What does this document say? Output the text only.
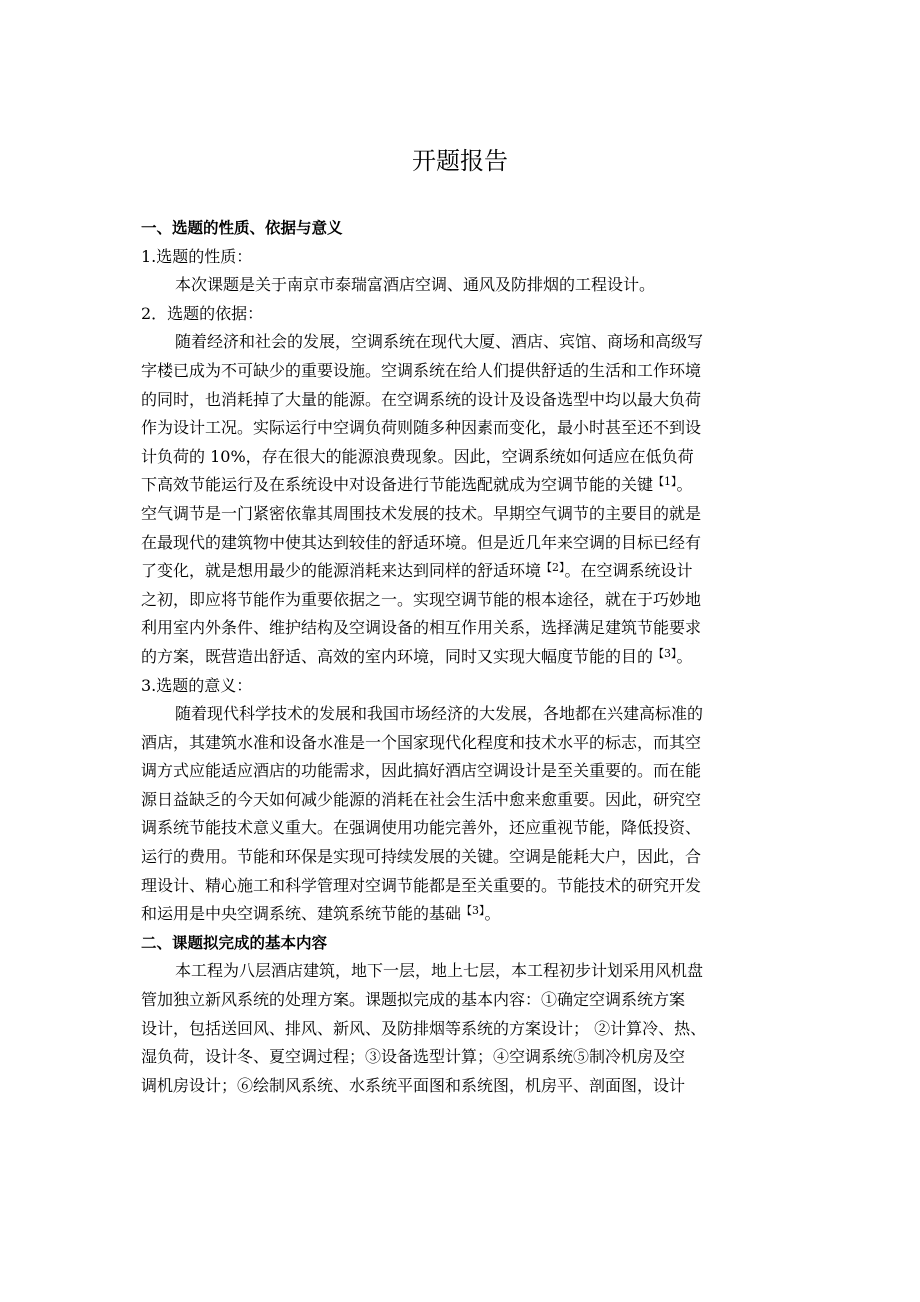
开题报告

一、选题的性质、依据与意义

1.选题的性质：

本次课题是关于南京市泰瑞富酒店空调、通风及防排烟的工程设计。

2．选题的依据：

随着经济和社会的发展，空调系统在现代大厦、酒店、宾馆、商场和高级写
字楼已成为不可缺少的重要设施。空调系统在给人们提供舒适的生活和工作环境
的同时，也消耗掉了大量的能源。在空调系统的设计及设备选型中均以最大负荷
作为设计工况。实际运行中空调负荷则随多种因素而变化，最小时甚至还不到设
计负荷的 10%，存在很大的能源浪费现象。因此，空调系统如何适应在低负荷
下高效节能运行及在系统设中对设备进行节能选配就成为空调节能的关键$^{【1】}$。
空气调节是一门紧密依靠其周围技术发展的技术。早期空气调节的主要目的就是
在最现代的建筑物中使其达到较佳的舒适环境。但是近几年来空调的目标已经有
了变化，就是想用最少的能源消耗来达到同样的舒适环境$^{【2】}$。在空调系统设计
之初，即应将节能作为重要依据之一。实现空调节能的根本途径，就在于巧妙地
利用室内外条件、维护结构及空调设备的相互作用关系，选择满足建筑节能要求
的方案，既营造出舒适、高效的室内环境，同时又实现大幅度节能的目的$^{【3】}$。

3.选题的意义：

随着现代科学技术的发展和我国市场经济的大发展，各地都在兴建高标准的
酒店，其建筑水准和设备水准是一个国家现代化程度和技术水平的标志，而其空
调方式应能适应酒店的功能需求，因此搞好酒店空调设计是至关重要的。而在能
源日益缺乏的今天如何减少能源的消耗在社会生活中愈来愈重要。因此，研究空
调系统节能技术意义重大。在强调使用功能完善外，还应重视节能，降低投资、
运行的费用。节能和环保是实现可持续发展的关键。空调是能耗大户，因此，合
理设计、精心施工和科学管理对空调节能都是至关重要的。节能技术的研究开发
和运用是中央空调系统、建筑系统节能的基础$^{【3】}$。

二、课题拟完成的基本内容

本工程为八层酒店建筑，地下一层，地上七层，本工程初步计划采用风机盘
管加独立新风系统的处理方案。课题拟完成的基本内容：①确定空调系统方案
设计，包括送回风、排风、新风、及防排烟等系统的方案设计； ②计算冷、热、
湿负荷，设计冬、夏空调过程；③设备选型计算；④空调系统⑤制冷机房及空
调机房设计；⑥绘制风系统、水系统平面图和系统图，机房平、剖面图，设计
